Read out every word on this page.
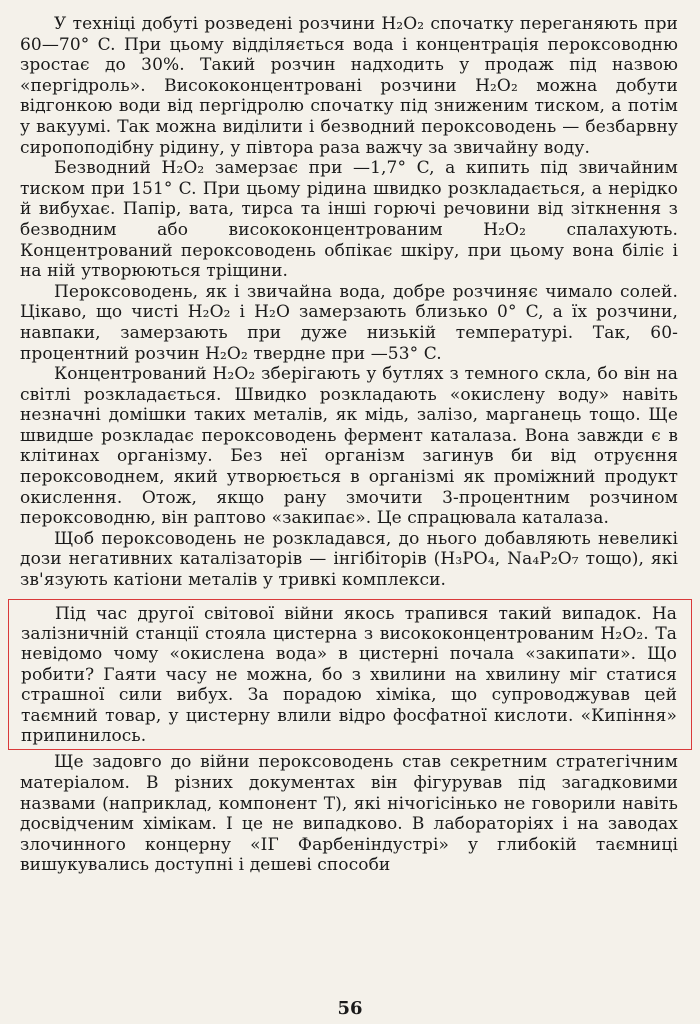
У техніці добуті розведені розчини H₂O₂ спочатку переганяють при 60—70° C. При цьому відділяється вода і концентрація пероксоводню зростає до 30%. Такий розчин надходить у продаж під назвою «пергідроль». Висококонцентровані розчини H₂O₂ можна добути відгонкою води від пергідролю спочатку під зниженим тиском, а потім у вакуумі. Так можна виділити і безводний пероксоводень — безбарвну сиропоподібну рідину, у півтора раза важчу за звичайну воду.

Безводний H₂O₂ замерзає при —1,7° C, а кипить під звичайним тиском при 151° C. При цьому рідина швидко розкладається, а нерідко й вибухає. Папір, вата, тирса та інші горючі речовини від зіткнення з безводним або висококонцентрованим H₂O₂ спалахують. Концентрований пероксоводень обпікає шкіру, при цьому вона біліє і на ній утворюються тріщини.

Пероксоводень, як і звичайна вода, добре розчиняє чимало солей. Цікаво, що чисті H₂O₂ і H₂O замерзають близько 0° C, а їх розчини, навпаки, замерзають при дуже низькій температурі. Так, 60-процентний розчин H₂O₂ твердне при —53° C.

Концентрований H₂O₂ зберігають у бутлях з темного скла, бо він на світлі розкладається. Швидко розкладають «окислену воду» навіть незначні домішки таких металів, як мідь, залізо, марганець тощо. Ще швидше розкладає пероксоводень фермент каталаза. Вона завжди є в клітинах організму. Без неї організм загинув би від отруєння пероксоводнем, який утворюється в організмі як проміжний продукт окислення. Отож, якщо рану змочити 3-процентним розчином пероксоводню, він раптово «закипає». Це спрацювала каталаза.

Щоб пероксоводень не розкладався, до нього добавляють невеликі дози негативних каталізаторів — інгібіторів (H₃PO₄, Na₄P₂O₇ тощо), які зв'язують катіони металів у тривкі комплекси.

Під час другої світової війни якось трапився такий випадок. На залізничній станції стояла цистерна з висококонцентрованим H₂O₂. Та невідомо чому «окислена вода» в цистерні почала «закипати». Що робити? Гаяти часу не можна, бо з хвилини на хвилину міг статися страшної сили вибух. За порадою хіміка, що супроводжував цей таємний товар, у цистерну влили відро фосфатної кислоти. «Кипіння» припинилось.

Ще задовго до війни пероксоводень став секретним стратегічним матеріалом. В різних документах він фігурував під загадковими назвами (наприклад, компонент T), які нічогісінько не говорили навіть досвідченим хімікам. І це не випадково. В лабораторіях і на заводах злочинного концерну «ІГ Фарбеніндустрі» у глибокій таємниці вишукувались доступні і дешеві способи

56
